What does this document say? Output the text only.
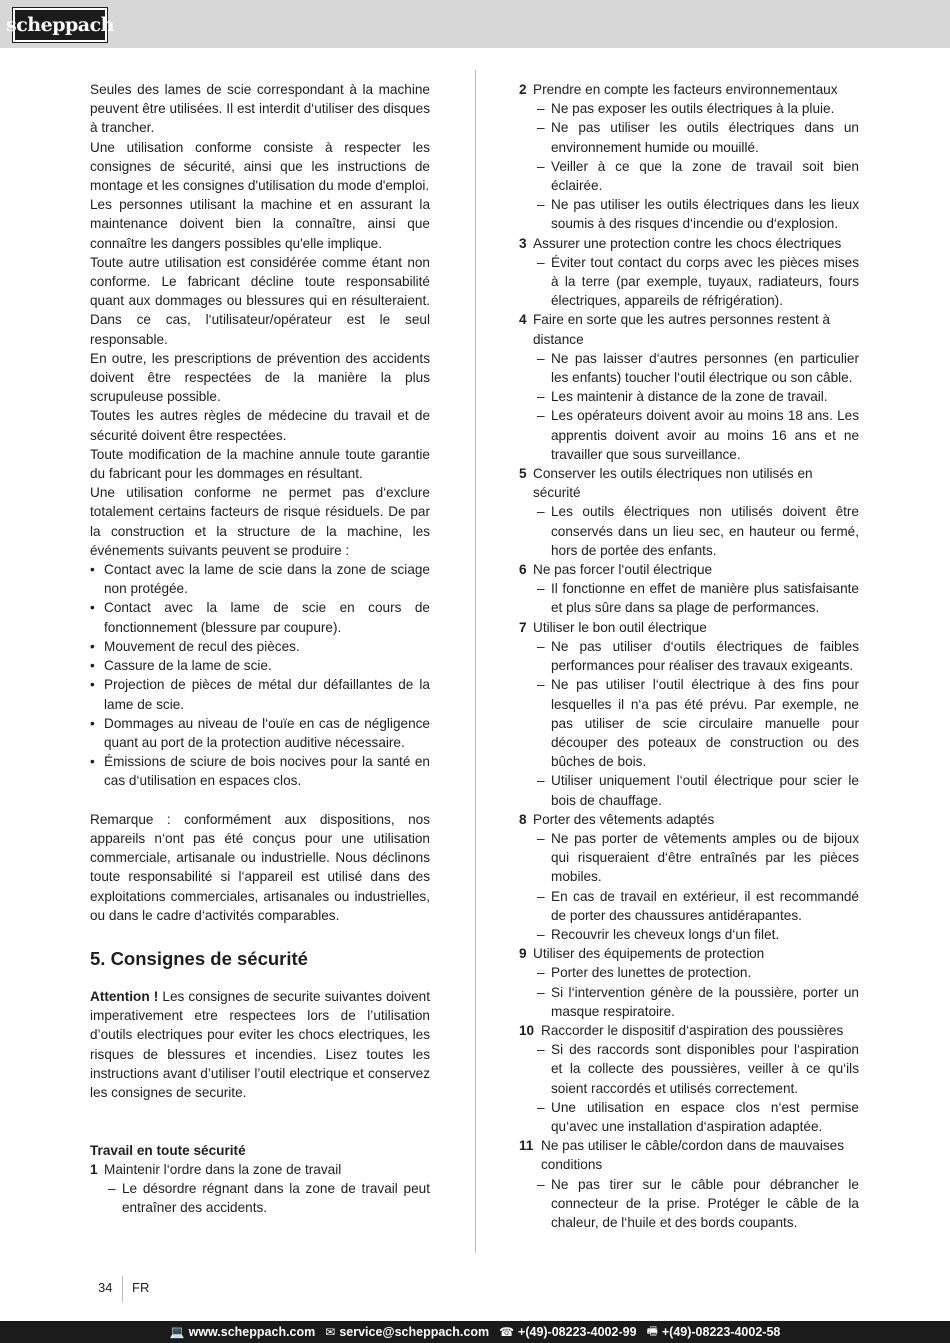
scheppach

Seules des lames de scie correspondant à la machine peuvent être utilisées. Il est interdit d‘utiliser des disques à trancher.

Une utilisation conforme consiste à respecter les consignes de sécurité, ainsi que les instructions de montage et les consignes d'utilisation du mode d'emploi.

Les personnes utilisant la machine et en assurant la maintenance doivent bien la connaître, ainsi que connaître les dangers possibles qu'elle implique.

Toute autre utilisation est considérée comme étant non conforme. Le fabricant décline toute responsabilité quant aux dommages ou blessures qui en résulteraient. Dans ce cas, l‘utilisateur/opérateur est le seul responsable.

En outre, les prescriptions de prévention des accidents doivent être respectées de la manière la plus scrupuleuse possible.

Toutes les autres règles de médecine du travail et de sécurité doivent être respectées.

Toute modification de la machine annule toute garantie du fabricant pour les dommages en résultant.

Une utilisation conforme ne permet pas d‘exclure totalement certains facteurs de risque résiduels. De par la construction et la structure de la machine, les événements suivants peuvent se produire :

• Contact avec la lame de scie dans la zone de sciage non protégée.
• Contact avec la lame de scie en cours de fonctionnement (blessure par coupure).
• Mouvement de recul des pièces.
• Cassure de la lame de scie.
• Projection de pièces de métal dur défaillantes de la lame de scie.
• Dommages au niveau de l‘ouïe en cas de négligence quant au port de la protection auditive nécessaire.
• Émissions de sciure de bois nocives pour la santé en cas d‘utilisation en espaces clos.

Remarque : conformément aux dispositions, nos appareils n‘ont pas été conçus pour une utilisation commerciale, artisanale ou industrielle. Nous déclinons toute responsabilité si l‘appareil est utilisé dans des exploitations commerciales, artisanales ou industrielles, ou dans le cadre d‘activités comparables.

5. Consignes de sécurité

Attention ! Les consignes de securite suivantes doivent imperativement etre respectees lors de l’utilisation d’outils electriques pour eviter les chocs electriques, les risques de blessures et incendies. Lisez toutes les instructions avant d’utiliser l’outil electrique et conservez les consignes de securite.

Travail en toute sécurité
1 Maintenir l‘ordre dans la zone de travail
– Le désordre régnant dans la zone de travail peut entraîner des accidents.
2 Prendre en compte les facteurs environnementaux
– Ne pas exposer les outils électriques à la pluie.
– Ne pas utiliser les outils électriques dans un environnement humide ou mouillé.
– Veiller à ce que la zone de travail soit bien éclairée.
– Ne pas utiliser les outils électriques dans les lieux soumis à des risques d‘incendie ou d‘explosion.
3 Assurer une protection contre les chocs électriques
– Éviter tout contact du corps avec les pièces mises à la terre (par exemple, tuyaux, radiateurs, fours électriques, appareils de réfrigération).
4 Faire en sorte que les autres personnes restent à distance
– Ne pas laisser d‘autres personnes (en particulier les enfants) toucher l‘outil électrique ou son câble.
– Les maintenir à distance de la zone de travail.
– Les opérateurs doivent avoir au moins 18 ans. Les apprentis doivent avoir au moins 16 ans et ne travailler que sous surveillance.
5 Conserver les outils électriques non utilisés en sécurité
– Les outils électriques non utilisés doivent être conservés dans un lieu sec, en hauteur ou fermé, hors de portée des enfants.
6 Ne pas forcer l‘outil électrique
– Il fonctionne en effet de manière plus satisfaisante et plus sûre dans sa plage de performances.
7 Utiliser le bon outil électrique
– Ne pas utiliser d‘outils électriques de faibles performances pour réaliser des travaux exigeants.
– Ne pas utiliser l‘outil électrique à des fins pour lesquelles il n‘a pas été prévu. Par exemple, ne pas utiliser de scie circulaire manuelle pour découper des poteaux de construction ou des bûches de bois.
– Utiliser uniquement l‘outil électrique pour scier le bois de chauffage.
8 Porter des vêtements adaptés
– Ne pas porter de vêtements amples ou de bijoux qui risqueraient d‘être entraînés par les pièces mobiles.
– En cas de travail en extérieur, il est recommandé de porter des chaussures antidérapantes.
– Recouvrir les cheveux longs d‘un filet.
9 Utiliser des équipements de protection
– Porter des lunettes de protection.
– Si l‘intervention génère de la poussière, porter un masque respiratoire.
10 Raccorder le dispositif d‘aspiration des poussières
– Si des raccords sont disponibles pour l‘aspiration et la collecte des poussières, veiller à ce qu‘ils soient raccordés et utilisés correctement.
– Une utilisation en espace clos n‘est permise qu‘avec une installation d‘aspiration adaptée.
11 Ne pas utiliser le câble/cordon dans de mauvaises conditions
– Ne pas tirer sur le câble pour débrancher le connecteur de la prise. Protéger le câble de la chaleur, de l‘huile et des bords coupants.
34 FR
💻 www.scheppach.com ✉ service@scheppach.com ☎ +(49)-08223-4002-99 🖷 +(49)-08223-4002-58
